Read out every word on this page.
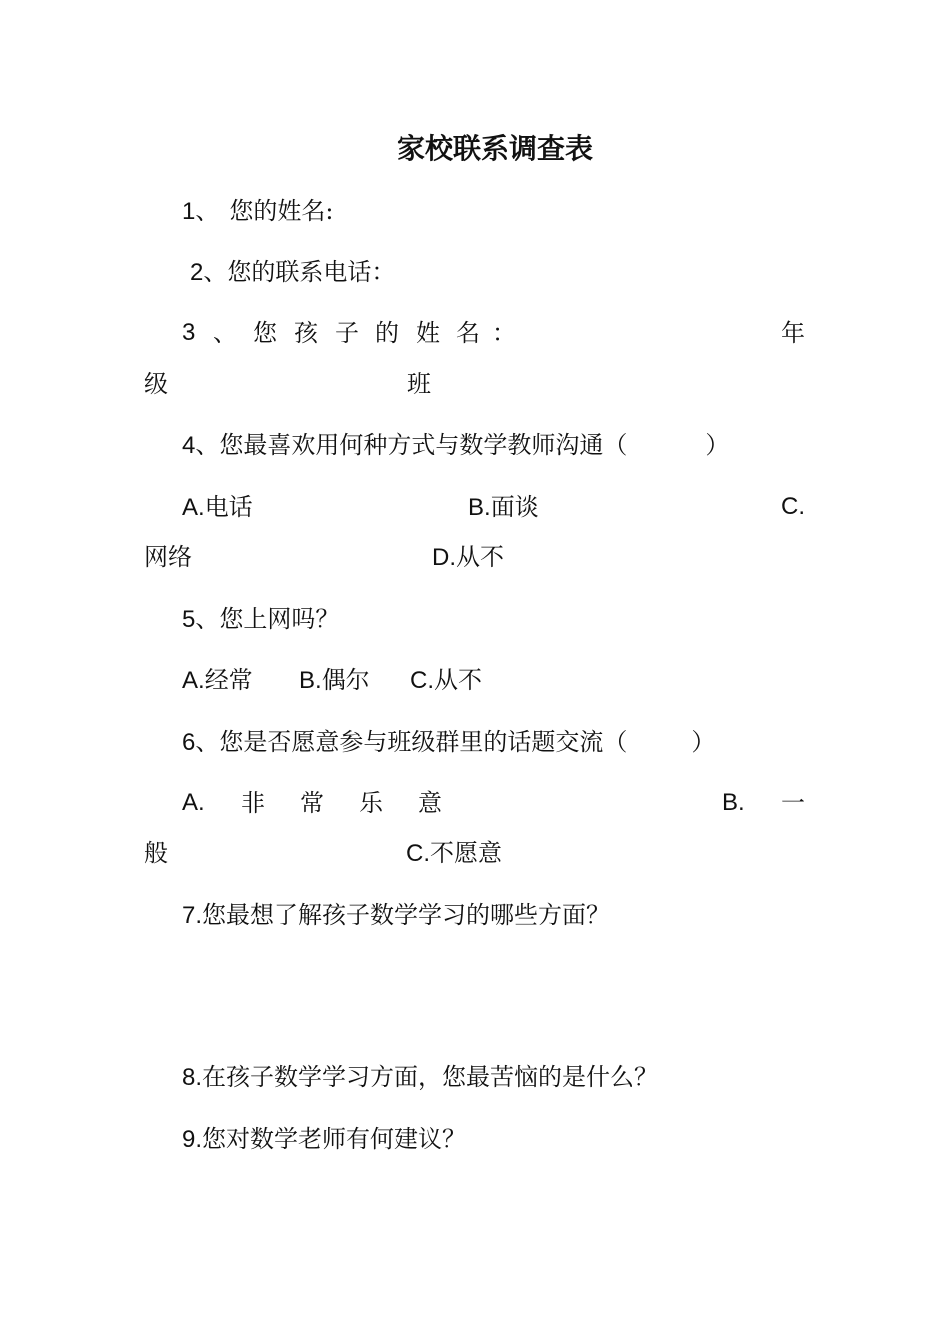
家校联系调查表
1、 您的姓名:
2、您的联系电话：
3 、 您 孩 子 的 姓 名 ：	年
级	班
4、您最喜欢用何种方式与数学教师沟通（	）
A.电话	B.面谈	C.
网络	D.从不
5、您上网吗？
A.经常 B.偶尔 C.从不
6、您是否愿意参与班级群里的话题交流（	）
A. 非 常 乐 意	B. 一
般	C.不愿意
7.您最想了解孩子数学学习的哪些方面？
8.在孩子数学学习方面，您最苦恼的是什么？
9.您对数学老师有何建议？
